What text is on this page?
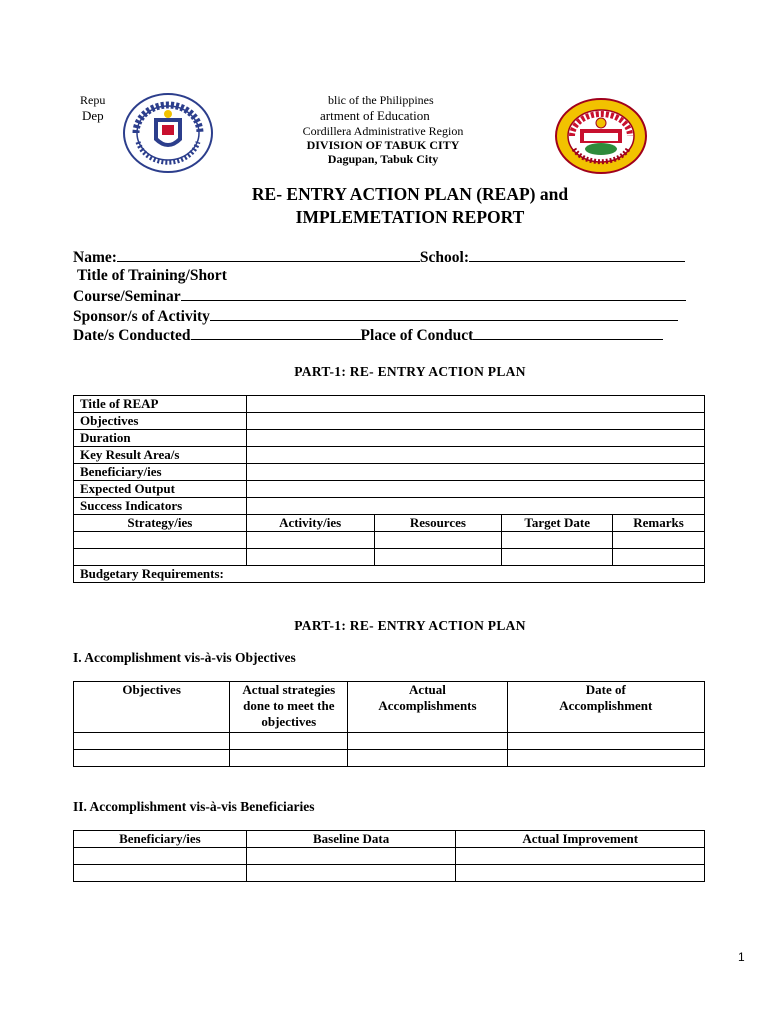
Repu	blic of the Philippines
Dep	artment of Education
Cordillera Administrative Region
DIVISION OF TABUK CITY
Dagupan, Tabuk City
RE- ENTRY ACTION PLAN (REAP) and
IMPLEMETATION REPORT
Name:	School:
Title of Training/Short
Course/Seminar
Sponsor/s of Activity
Date/s Conducted	Place of Conduct
PART-1: RE- ENTRY ACTION PLAN
Title of REAP				
Objectives				
Duration				
Key Result Area/s				
Beneficiary/ies				
Expected Output				
Success Indicators				
Strategy/ies	Activity/ies	Resources	Target Date	Remarks

Budgetary Requirements:				
PART-1: RE- ENTRY ACTION PLAN
I. Accomplishment vis-à-vis Objectives
Objectives	Actual strategies done to meet the objectives	Actual Accomplishments	Date of Accomplishment

II. Accomplishment vis-à-vis Beneficiaries
Beneficiary/ies	Baseline Data	Actual Improvement

1
